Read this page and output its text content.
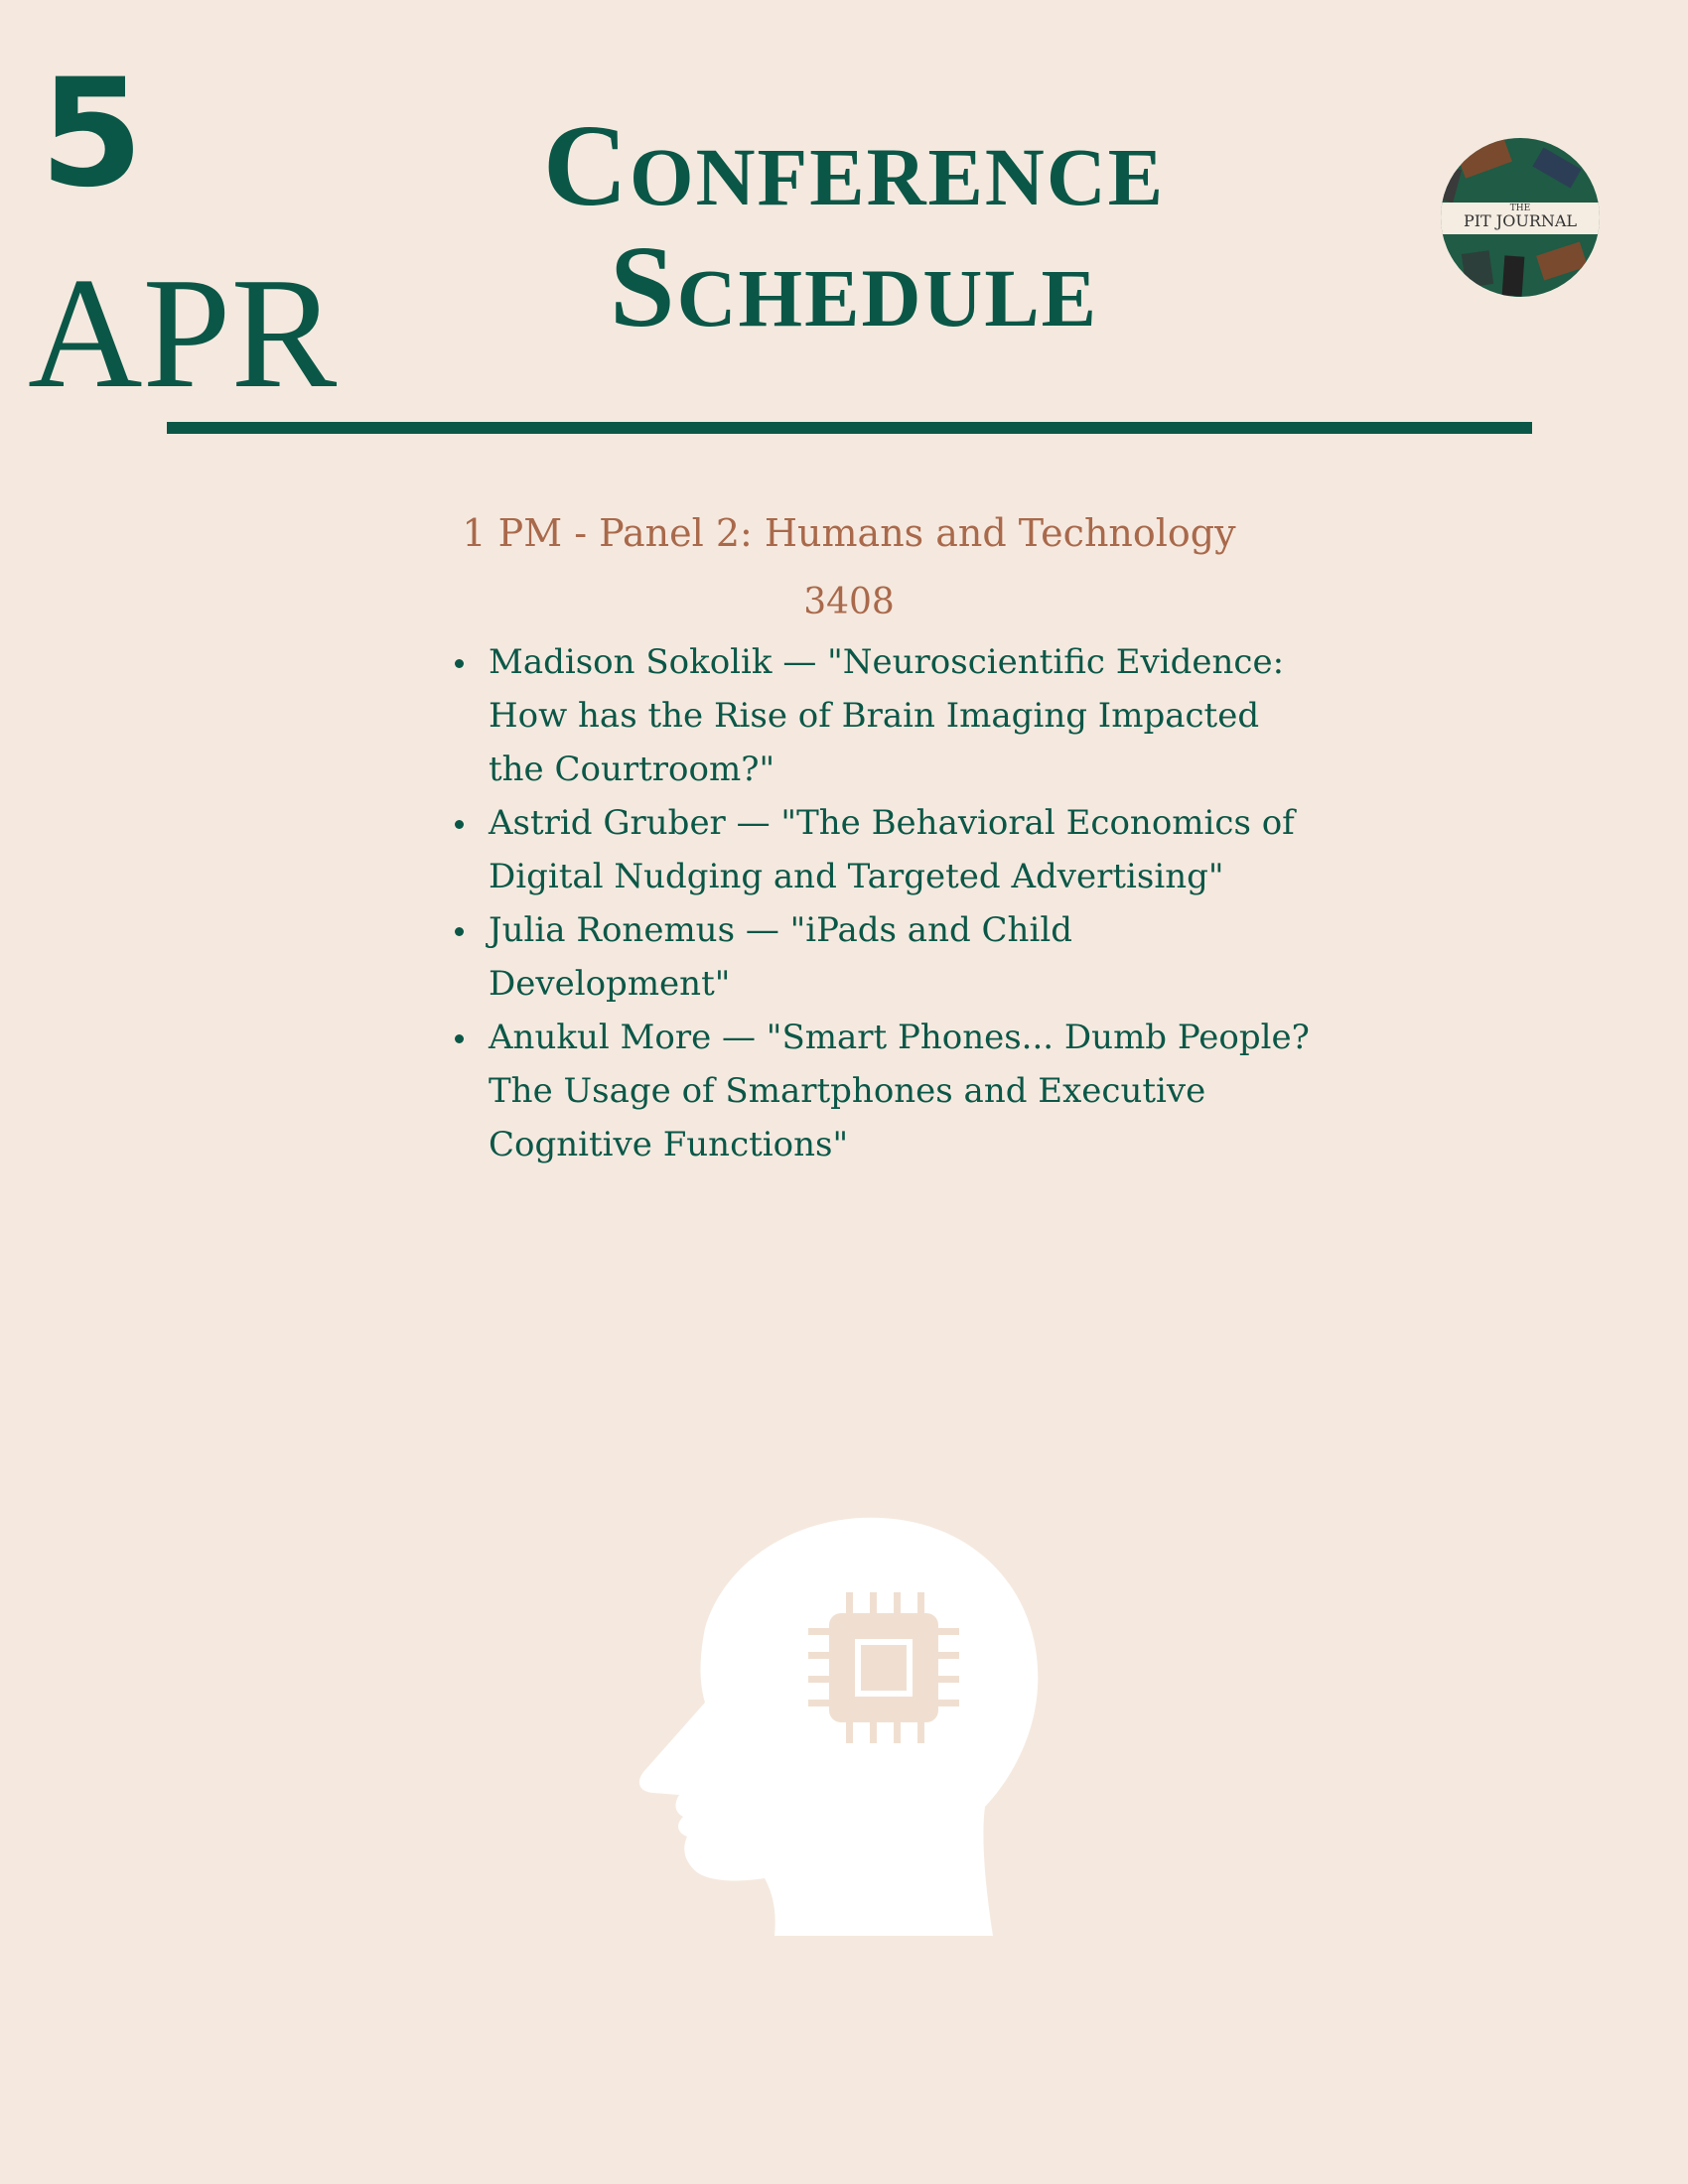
5
APR
Conference
Schedule
THE
PIT JOURNAL
1 PM - Panel 2: Humans and Technology
3408
Madison Sokolik — "Neuroscientific Evidence: How has the Rise of Brain Imaging Impacted the Courtroom?"
Astrid Gruber — "The Behavioral Economics of Digital Nudging and Targeted Advertising"
Julia Ronemus — "iPads and Child Development"
Anukul More — "Smart Phones... Dumb People? The Usage of Smartphones and Executive Cognitive Functions"
